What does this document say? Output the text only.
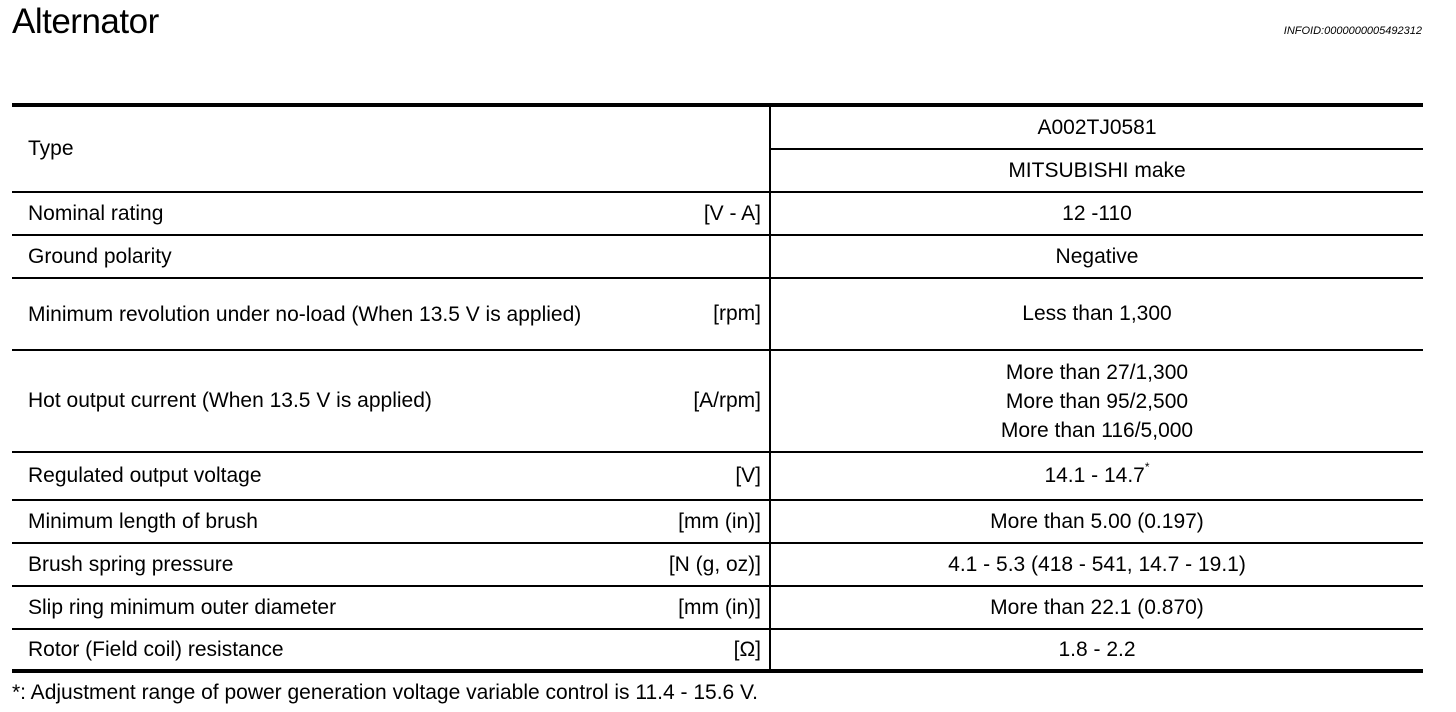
Alternator	INFOID:0000000005492312
Type		A002TJ0581
		MITSUBISHI make
Nominal rating	[V - A]	12 -110
Ground polarity		Negative

Minimum revolution under no-load (When 13.5 V is applied)	[rpm]	Less than 1,300
Hot output current (When 13.5 V is applied)	[A/rpm]	More than 27/1,300
More than 95/2,500
More than 116/5,000

Regulated output voltage	[V]	14.1 - 14.7*
Minimum length of brush	[mm (in)]	More than 5.00 (0.197)
Brush spring pressure	[N (g, oz)]	4.1 - 5.3 (418 - 541, 14.7 - 19.1)
Slip ring minimum outer diameter	[mm (in)]	More than 22.1 (0.870)
Rotor (Field coil) resistance	[Ω]	1.8 - 2.2
*: Adjustment range of power generation voltage variable control is 11.4 - 15.6 V.
